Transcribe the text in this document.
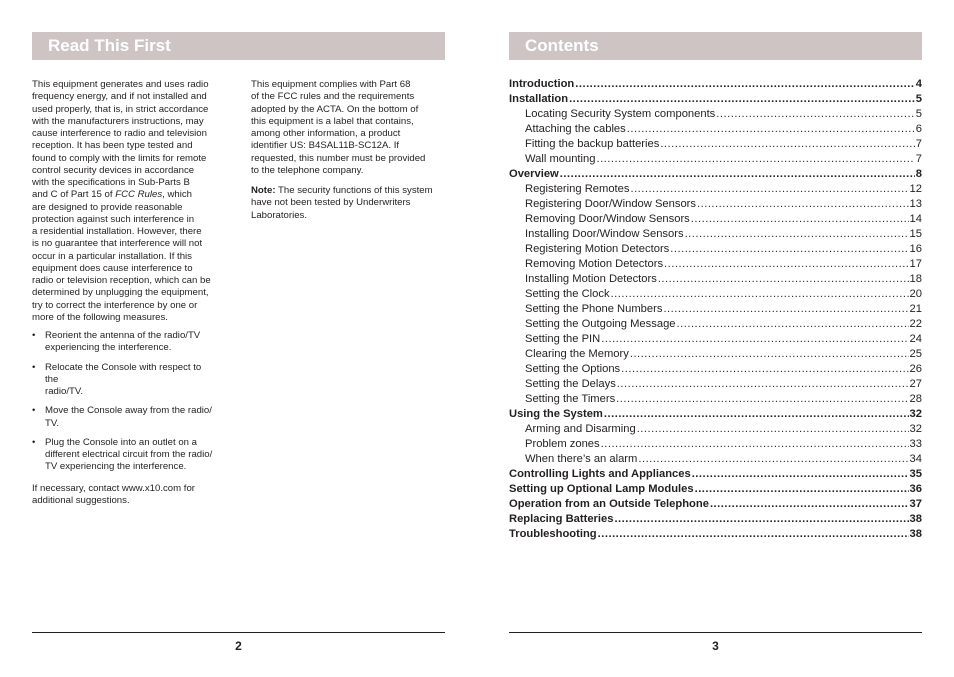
Read This First	Contents

This equipment generates and uses radio
frequency energy, and if not installed and
used properly, that is, in strict accordance
with the manufacturers instructions, may
cause interference to radio and television
reception. It has been type tested and
found to comply with the limits for remote
control security devices in accordance
with the specifications in Sub-Parts B
and C of Part 15 of FCC Rules, which
are designed to provide reasonable
protection against such interference in
a residential installation. However, there
is no guarantee that interference will not
occur in a particular installation. If this
equipment does cause interference to
radio or television reception, which can be
determined by unplugging the equipment,
try to correct the interference by one or
more of the following measures.

• Reorient the antenna of the radio/TV
experiencing the interference.
• Relocate the Console with respect to
the
radio/TV.
• Move the Console away from the radio/
TV.
• Plug the Console into an outlet on a
different electrical circuit from the radio/
TV experiencing the interference.

If necessary, contact www.x10.com for
additional suggestions.

This equipment complies with Part 68
of the FCC rules and the requirements
adopted by the ACTA. On the bottom of
this equipment is a label that contains,
among other information, a product
identifier US: B4SAL11B-SC12A. If
requested, this number must be provided
to the telephone company.

Note: The security functions of this system
have not been tested by Underwriters
Laboratories.

Introduction .....	4
Installation .....	5
Locating Security System components .....	5
Attaching the cables .....	6
Fitting the backup batteries .....	7
Wall mounting .....	7
Overview .....	8
Registering Remotes .....	12
Registering Door/Window Sensors .....	13
Removing Door/Window Sensors .....	14
Installing Door/Window Sensors .....	15
Registering Motion Detectors .....	16
Removing Motion Detectors .....	17
Installing Motion Detectors .....	18
Setting the Clock .....	20
Setting the Phone Numbers .....	21
Setting the Outgoing Message .....	22
Setting the PIN .....	24
Clearing the Memory .....	25
Setting the Options .....	26
Setting the Delays .....	27
Setting the Timers .....	28
Using the System .....	32
Arming and Disarming .....	32
Problem zones .....	33
When there’s an alarm .....	34
Controlling Lights and Appliances .....	35
Setting up Optional Lamp Modules .....	36
Operation from an Outside Telephone .....	37
Replacing Batteries .....	38
Troubleshooting .....	38
2	3
